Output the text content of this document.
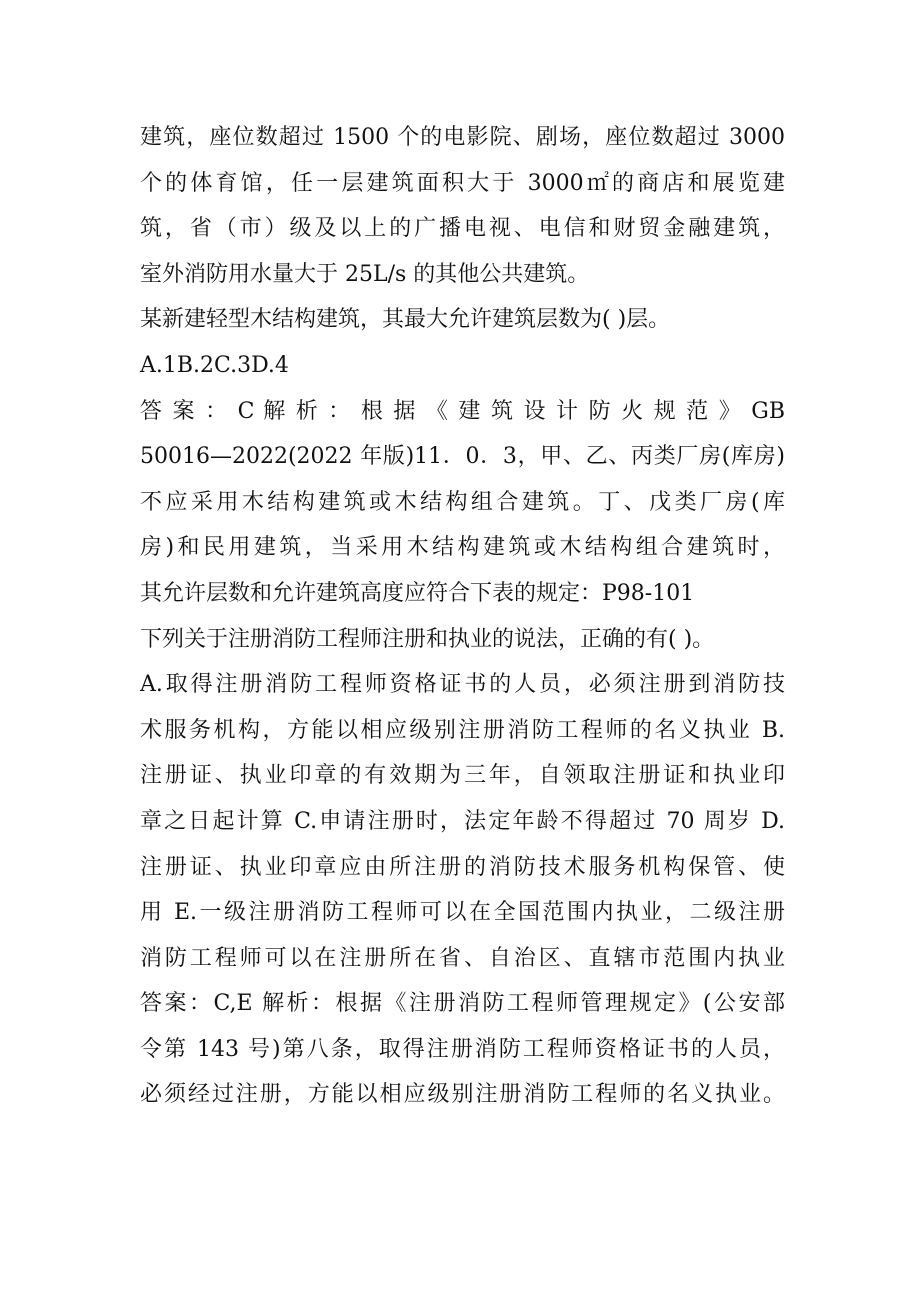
建筑，座位数超过 1500 个的电影院、剧场，座位数超过 3000
个的体育馆，任一层建筑面积大于 3000㎡的商店和展览建
筑，省（市）级及以上的广播电视、电信和财贸金融建筑，
室外消防用水量大于 25L/s 的其他公共建筑。
某新建轻型木结构建筑，其最大允许建筑层数为( )层。
A.1B.2C.3D.4
答 案 ： C 解 析 ： 根 据 《 建 筑 设 计 防 火 规 范 》 GB
50016—2022(2022 年版)11．0．3，甲、乙、丙类厂房(库房)
不应采用木结构建筑或木结构组合建筑。丁、戊类厂房(库
房)和民用建筑，当采用木结构建筑或木结构组合建筑时，
其允许层数和允许建筑高度应符合下表的规定：P98-101
下列关于注册消防工程师注册和执业的说法，正确的有( )。
A.取得注册消防工程师资格证书的人员，必须注册到消防技
术服务机构，方能以相应级别注册消防工程师的名义执业 B.
注册证、执业印章的有效期为三年，自领取注册证和执业印
章之日起计算 C.申请注册时，法定年龄不得超过 70 周岁 D.
注册证、执业印章应由所注册的消防技术服务机构保管、使
用 E.一级注册消防工程师可以在全国范围内执业，二级注册
消防工程师可以在注册所在省、自治区、直辖市范围内执业
答案：C,E 解析：根据《注册消防工程师管理规定》(公安部
令第 143 号)第八条，取得注册消防工程师资格证书的人员，
必须经过注册，方能以相应级别注册消防工程师的名义执业。
